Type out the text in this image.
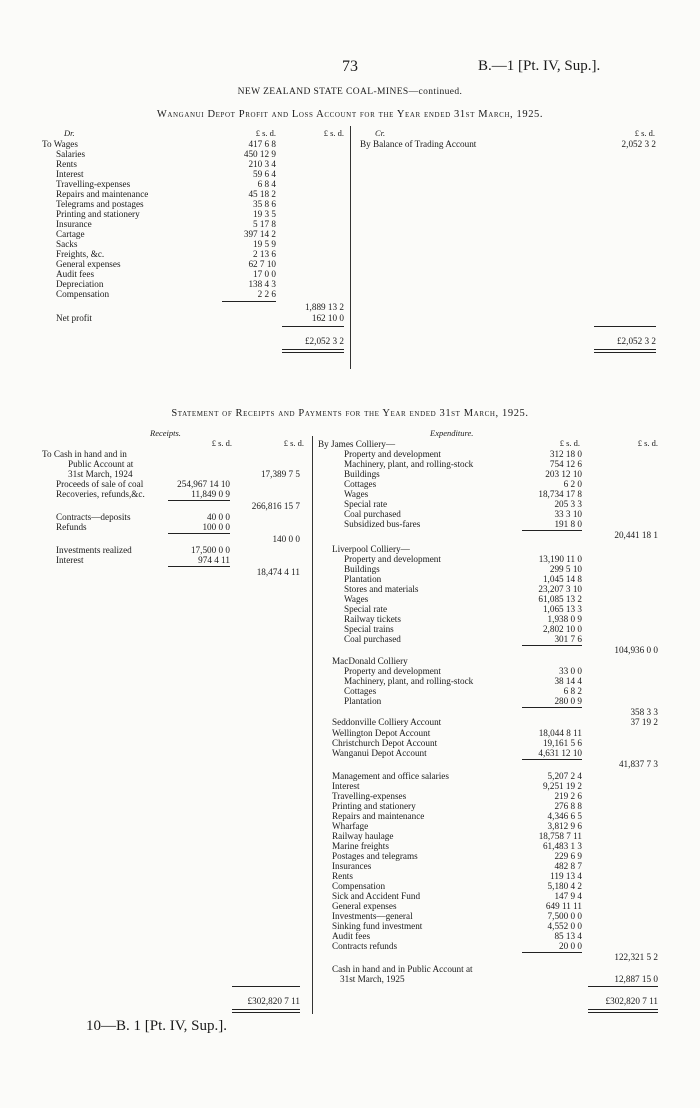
73	B.—1 [Pt. IV, Sup.].
NEW ZEALAND STATE COAL-MINES—continued.
Wanganui Depot Profit and Loss Account for the Year ended 31st March, 1925.
Dr.	Cr.
£ s. d.	£ s. d.	£ s. d.
To Wages	417 6 8
Salaries	450 12 9
Rents	210 3 4
Interest	59 6 4
Travelling-expenses	6 8 4
Repairs and maintenance	45 18 2
Telegrams and postages	35 8 6
Printing and stationery	19 3 5
Insurance	5 17 8
Cartage	397 14 2
Sacks	19 5 9
Freights, &c.	2 13 6
General expenses	62 7 10
Audit fees	17 0 0
Depreciation	138 4 3
Compensation	2 2 6
1,889 13 2
Net profit	162 10 0
£2,052 3 2
By Balance of Trading Account	2,052 3 2
£2,052 3 2
Statement of Receipts and Payments for the Year ended 31st March, 1925.
Receipts.	Expenditure.
£ s. d.	£ s. d.	£ s. d.	£ s. d.
To Cash in hand and in
Public Account at
31st March, 1924	17,389 7 5
Proceeds of sale of coal	254,967 14 10
Recoveries, refunds,&c.	11,849 0 9
266,816 15 7
Contracts—deposits	40 0 0
Refunds	100 0 0
140 0 0
Investments realized	17,500 0 0
Interest	974 4 11
18,474 4 11
£302,820 7 11
By James Colliery—
Property and development	312 18 0
Machinery, plant, and rolling-stock	754 12 6
Buildings	203 12 10
Cottages	6 2 0
Wages	18,734 17 8
Special rate	205 3 3
Coal purchased	33 3 10
Subsidized bus-fares	191 8 0
20,441 18 1
Liverpool Colliery—
Property and development	13,190 11 0
Buildings	299 5 10
Plantation	1,045 14 8
Stores and materials	23,207 3 10
Wages	61,085 13 2
Special rate	1,065 13 3
Railway tickets	1,938 0 9
Special trains	2,802 10 0
Coal purchased	301 7 6
104,936 0 0
MacDonald Colliery
Property and development	33 0 0
Machinery, plant, and rolling-stock	38 14 4
Cottages	6 8 2
Plantation	280 0 9
358 3 3
Seddonville Colliery Account	37 19 2
Wellington Depot Account	18,044 8 11
Christchurch Depot Account	19,161 5 6
Wanganui Depot Account	4,631 12 10
41,837 7 3
Management and office salaries	5,207 2 4
Interest	9,251 19 2
Travelling-expenses	219 2 6
Printing and stationery	276 8 8
Repairs and maintenance	4,346 6 5
Wharfage	3,812 9 6
Railway haulage	18,758 7 11
Marine freights	61,483 1 3
Postages and telegrams	229 6 9
Insurances	482 8 7
Rents	119 13 4
Compensation	5,180 4 2
Sick and Accident Fund	147 9 4
General expenses	649 11 11
Investments—general	7,500 0 0
Sinking fund investment	4,552 0 0
Audit fees	85 13 4
Contracts refunds	20 0 0
122,321 5 2
Cash in hand and in Public Account at
31st March, 1925	12,887 15 0
£302,820 7 11
10—B. 1 [Pt. IV, Sup.].
